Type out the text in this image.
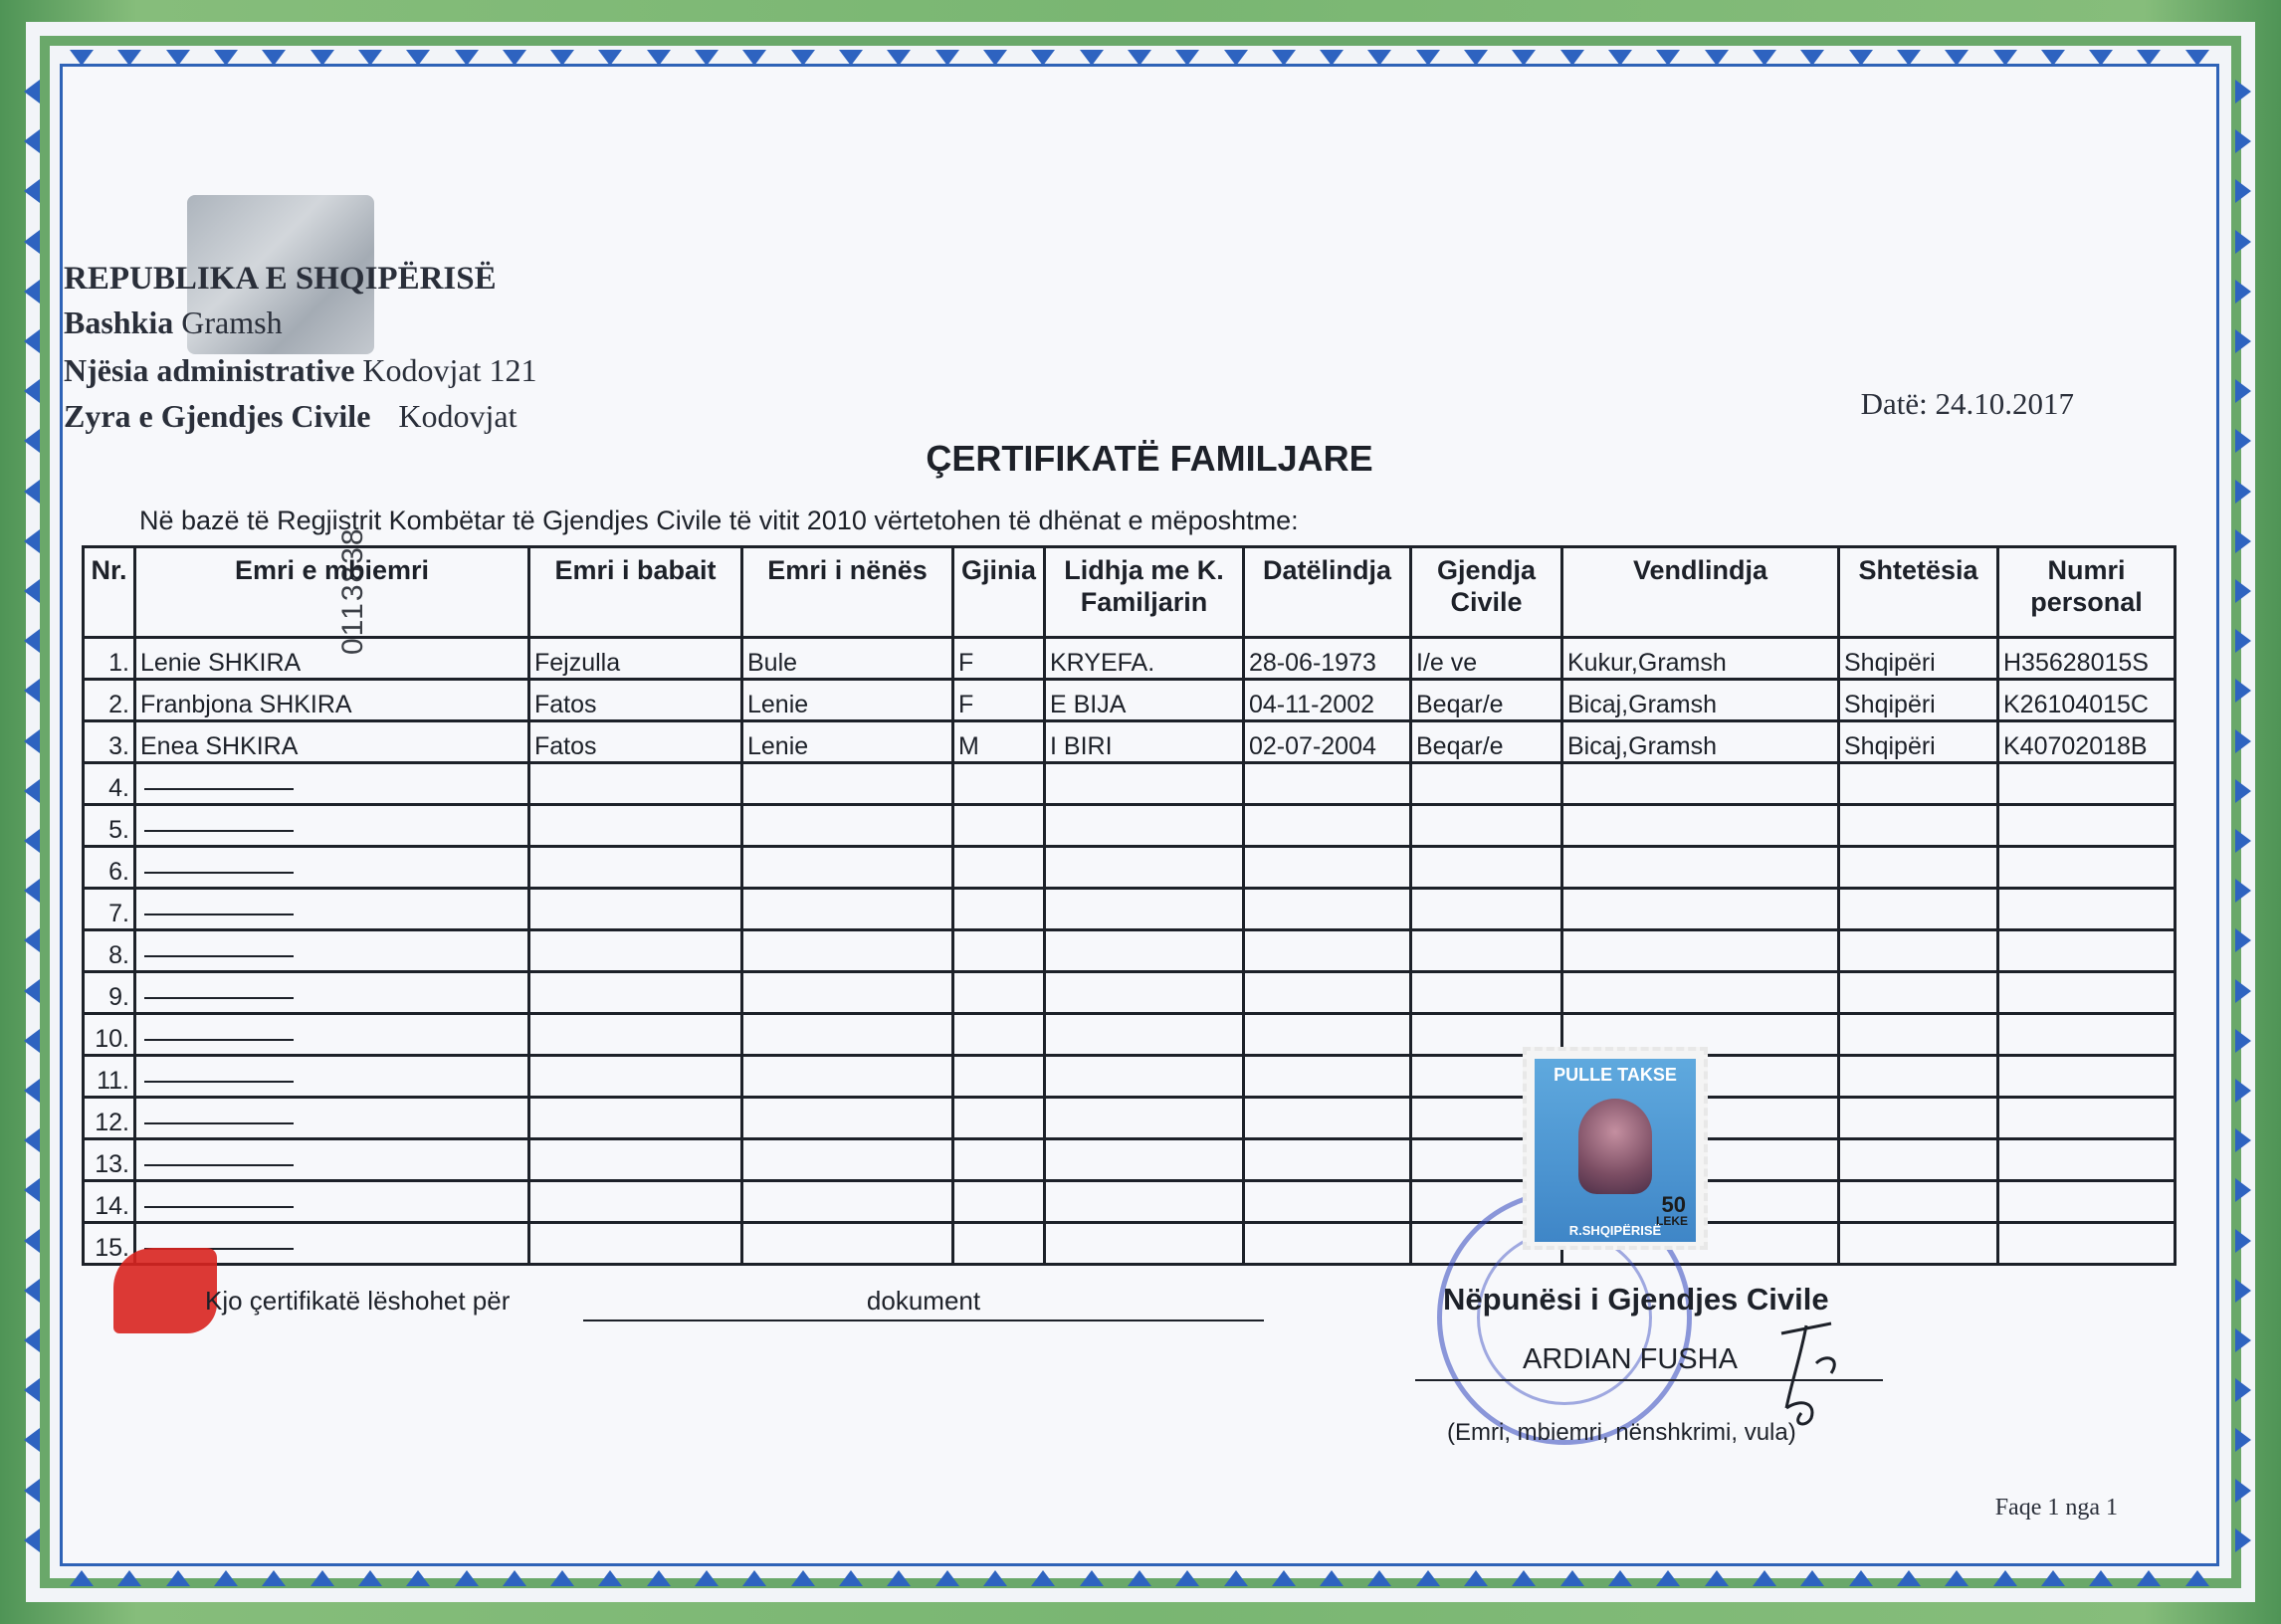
REPUBLIKA E SHQIPËRISË
Bashkia Gramsh
Njësia administrative Kodovjat 121
Zyra e Gjendjes Civile Kodovjat	Datë: 24.10.2017
ÇERTIFIKATË FAMILJARE
Në bazë të Regjistrit Kombëtar të Gjendjes Civile të vitit 2010 vërtetohen të dhënat e mëposhtme:
0113838
Nr.	Emri e mbiemri	Emri i babait	Emri i nënës	Gjinia	Lidhja me K. Familjarin	Datëlindja	Gjendja Civile	Vendlindja	Shtetësia	Numri personal
1.	Lenie SHKIRA	Fejzulla	Bule	F	KRYEFA.	28-06-1973	I/e ve	Kukur,Gramsh	Shqipëri	H35628015S
2.	Franbjona SHKIRA	Fatos	Lenie	F	E BIJA	04-11-2002	Beqar/e	Bicaj,Gramsh	Shqipëri	K26104015C
3.	Enea SHKIRA	Fatos	Lenie	M	I BIRI	02-07-2004	Beqar/e	Bicaj,Gramsh	Shqipëri	K40702018B
4.										
5.										
6.										
7.										
8.										
9.										
10.										
11.										
12.										
13.										
14.										
15.										
PULLE TAKSE
50
LEKE
R.SHQIPËRISË
Kjo çertifikatë lëshohet për	dokument	Nëpunësi i Gjendjes Civile
ARDIAN FUSHA
(Emri, mbiemri, nënshkrimi, vula)
Faqe 1 nga 1
